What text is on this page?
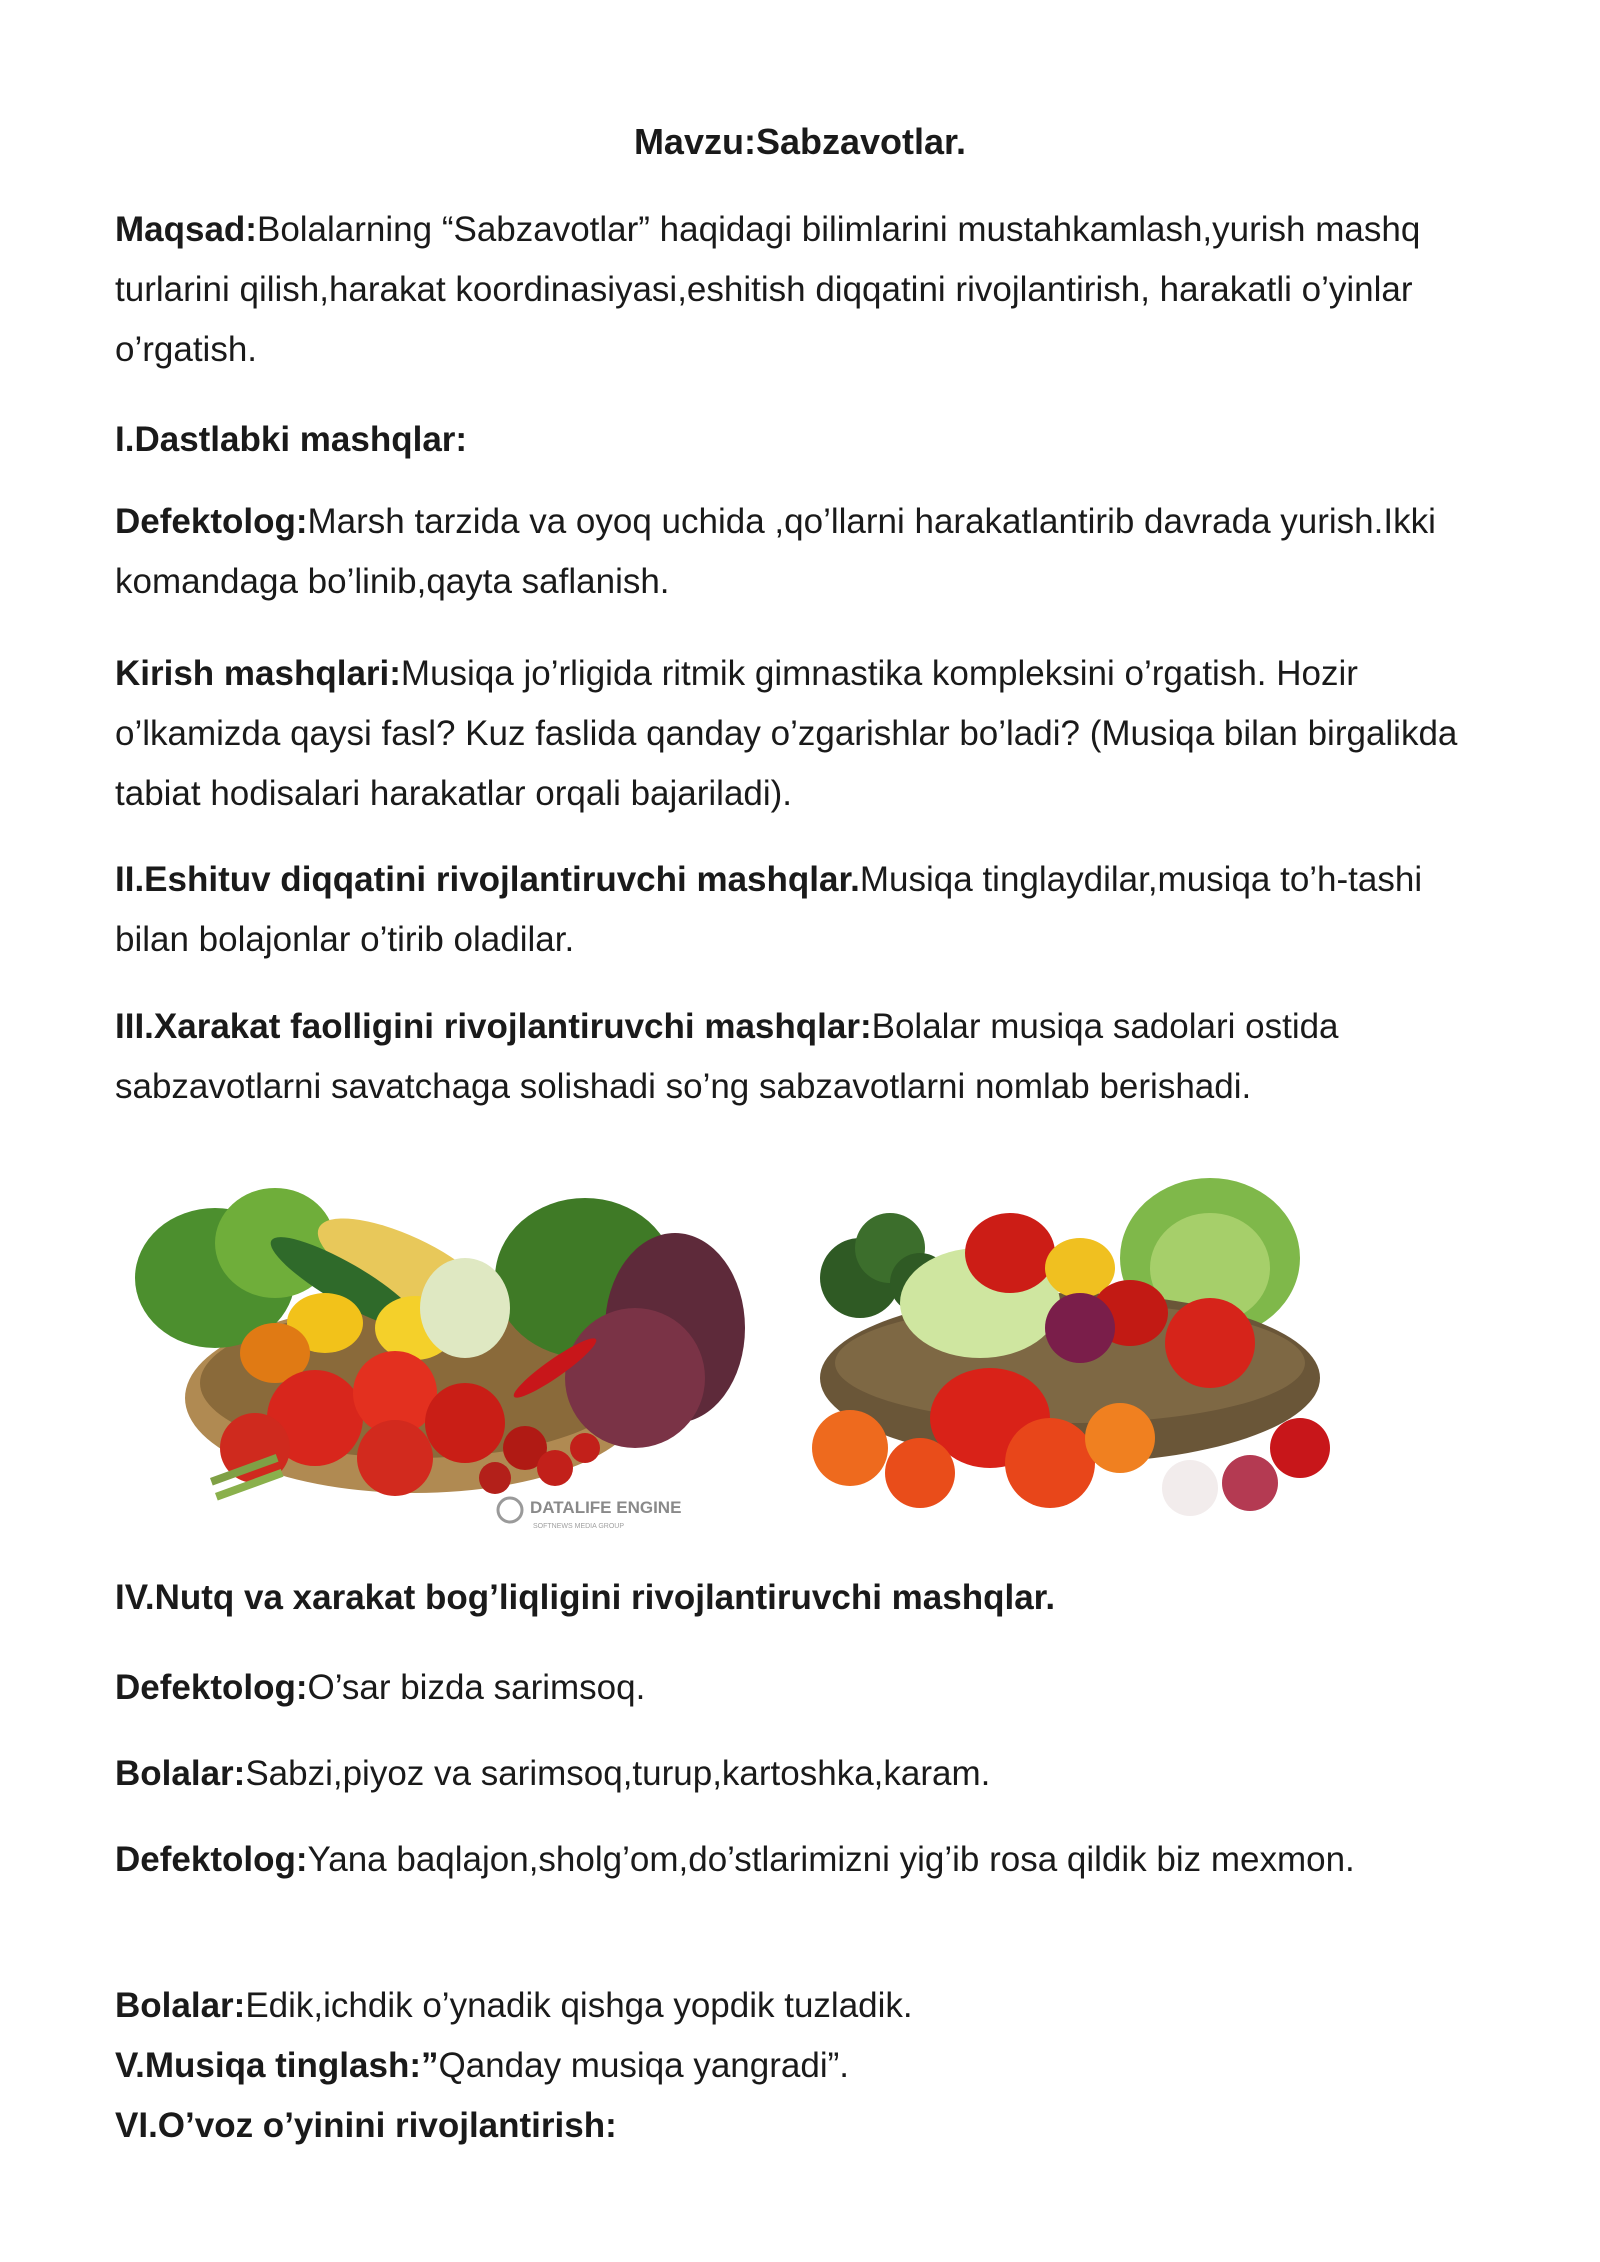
Mavzu:Sabzavotlar.

Maqsad:Bolalarning “Sabzavotlar” haqidagi bilimlarini mustahkamlash,yurish mashq turlarini qilish,harakat koordinasiyasi,eshitish diqqatini rivojlantirish, harakatli o’yinlar o’rgatish.

I.Dastlabki mashqlar:

Defektolog:Marsh tarzida va oyoq uchida ,qo’llarni harakatlantirib davrada yurish.Ikki komandaga bo’linib,qayta saflanish.

Kirish mashqlari:Musiqa jo’rligida ritmik gimnastika kompleksini o’rgatish. Hozir o’lkamizda qaysi fasl? Kuz faslida qanday o’zgarishlar bo’ladi? (Musiqa bilan birgalikda tabiat hodisalari harakatlar orqali bajariladi).

II.Eshituv diqqatini rivojlantiruvchi mashqlar.Musiqa tinglaydilar,musiqa to’h-tashi bilan bolajonlar o’tirib oladilar.

III.Xarakat faolligini rivojlantiruvchi mashqlar:Bolalar musiqa sadolari ostida sabzavotlarni savatchaga solishadi so’ng sabzavotlarni nomlab berishadi.

DATALIFE ENGINE
SOFTNEWS MEDIA GROUP

IV.Nutq va xarakat bog’liqligini rivojlantiruvchi mashqlar.

Defektolog:O’sar bizda sarimsoq.

Bolalar:Sabzi,piyoz va sarimsoq,turup,kartoshka,karam.

Defektolog:Yana baqlajon,sholg’om,do’stlarimizni yig’ib rosa qildik biz mexmon.

Bolalar:Edik,ichdik o’ynadik qishga yopdik tuzladik.

V.Musiqa tinglash:”Qanday musiqa yangradi”.

VI.O’voz o’yinini rivojlantirish:
